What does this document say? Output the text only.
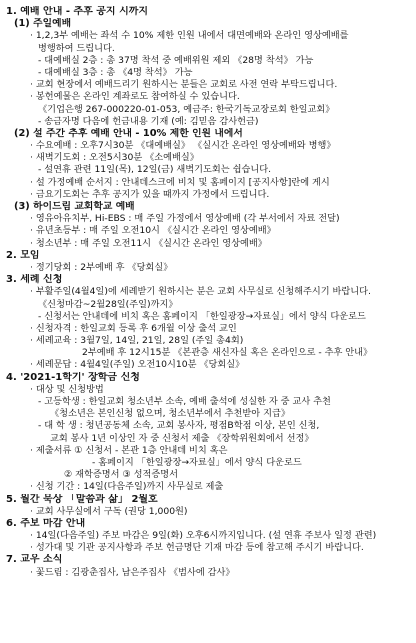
1. 예배 안내 - 추후 공지 시까지
(1) 주일예배
· 1,2,3부 예배는 좌석 수 10% 제한 인원 내에서 대면예배와 온라인 영상예배를
병행하여 드립니다.
- 대예배실 2층 : 총 37명 착석 중 예배위원 제외 《28명 착석》 가능
- 대예배실 3층 : 총 《4명 착석》 가능
· 교회 현장에서 예배드리기 원하시는 분들은 교회로 사전 연락 부탁드립니다.
· 봉헌예물은 온라인 계좌로도 참여하실 수 있습니다.
《기업은행 267-000220-01-053, 예금주: 한국기독교장로회 한일교회》
- 송금자명 다음에 헌금내용 기재 (예: 김믿음 감사헌금)
(2) 설 주간 추후 예배 안내 - 10% 제한 인원 내에서
· 수요예배 : 오후7시30분 《대예배실》 《실시간 온라인 영상예배와 병행》
· 새벽기도회 : 오전5시30분 《소예배실》
- 설연휴 관련 11일(목), 12일(금) 새벽기도회는 쉽습니다.
· 설 가정예배 순서지 : 안내데스크에 비치 및 홈페이지 [공지사항]란에 게시
· 금요기도회는 추후 공지가 있을 때까지 가정에서 드립니다.
(3) 하이드림 교회학교 예배
· 영유아유치부, Hi-EBS : 매 주일 가정에서 영상예배 (각 부서에서 자료 전달)
· 유년초등부 : 매 주일 오전10시 《실시간 온라인 영상예배》
· 청소년부 : 매 주일 오전11시 《실시간 온라인 영상예배》
2. 모임
· 정기당회 : 2부예배 후 《당회실》
3. 세례 신청
· 부활주일(4월4일)에 세례받기 원하시는 분은 교회 사무실로 신청해주시기 바랍니다.
《신청마감~2월28일(주일)까지》
- 신청서는 안내데에 비치 혹은 홈페이지 「한일광장→자료실」에서 양식 다운로드
· 신청자격 : 한일교회 등록 후 6개월 이상 출석 교인
· 세례교육 : 3월7일, 14일, 21일, 28일 (주일 총4회)
2부예배 후 12시15분 《본관층 새신자실 혹은 온라인으로 - 추후 안내》
· 세례문답 : 4월4일(주일) 오전10시10분 《당회실》
4. '2021-1학기' 장학금 신청
· 대상 및 신청방법
- 고등학생 : 한일교회 청소년부 소속, 예배 출석에 성실한 자 중 교사 추천
《청소년은 본인신청 없으며, 청소년부에서 추천받아 지급》
- 대 학 생 : 청년공동체 소속, 교회 봉사자, 평점B학점 이상, 본인 신청,
교회 봉사 1년 이상인 자 중 신청서 제출 《장학위원회에서 선정》
· 제출서류 ① 신청서 - 본관 1층 안내데 비치 혹은
- 홈페이지 「한일광장→자료실」에서 양식 다운로드
② 재학증명서 ③ 성적증명서
· 신청 기간 : 14일(다음주일)까지 사무실로 제출
5. 월간 묵상 「말씀과 삶」 2월호
· 교회 사무실에서 구독 (권당 1,000원)
6. 주보 마감 안내
· 14일(다음주일) 주보 마감은 9일(화) 오후6시까지입니다. (설 연휴 주보사 일정 관련)
· 성가대 및 기관 공지사항과 주보 헌금명단 기재 마감 등에 참고해 주시기 바랍니다.
7. 교우 소식
· 꽃드림 : 김광춘집사, 남은주집사 《범사에 감사》
